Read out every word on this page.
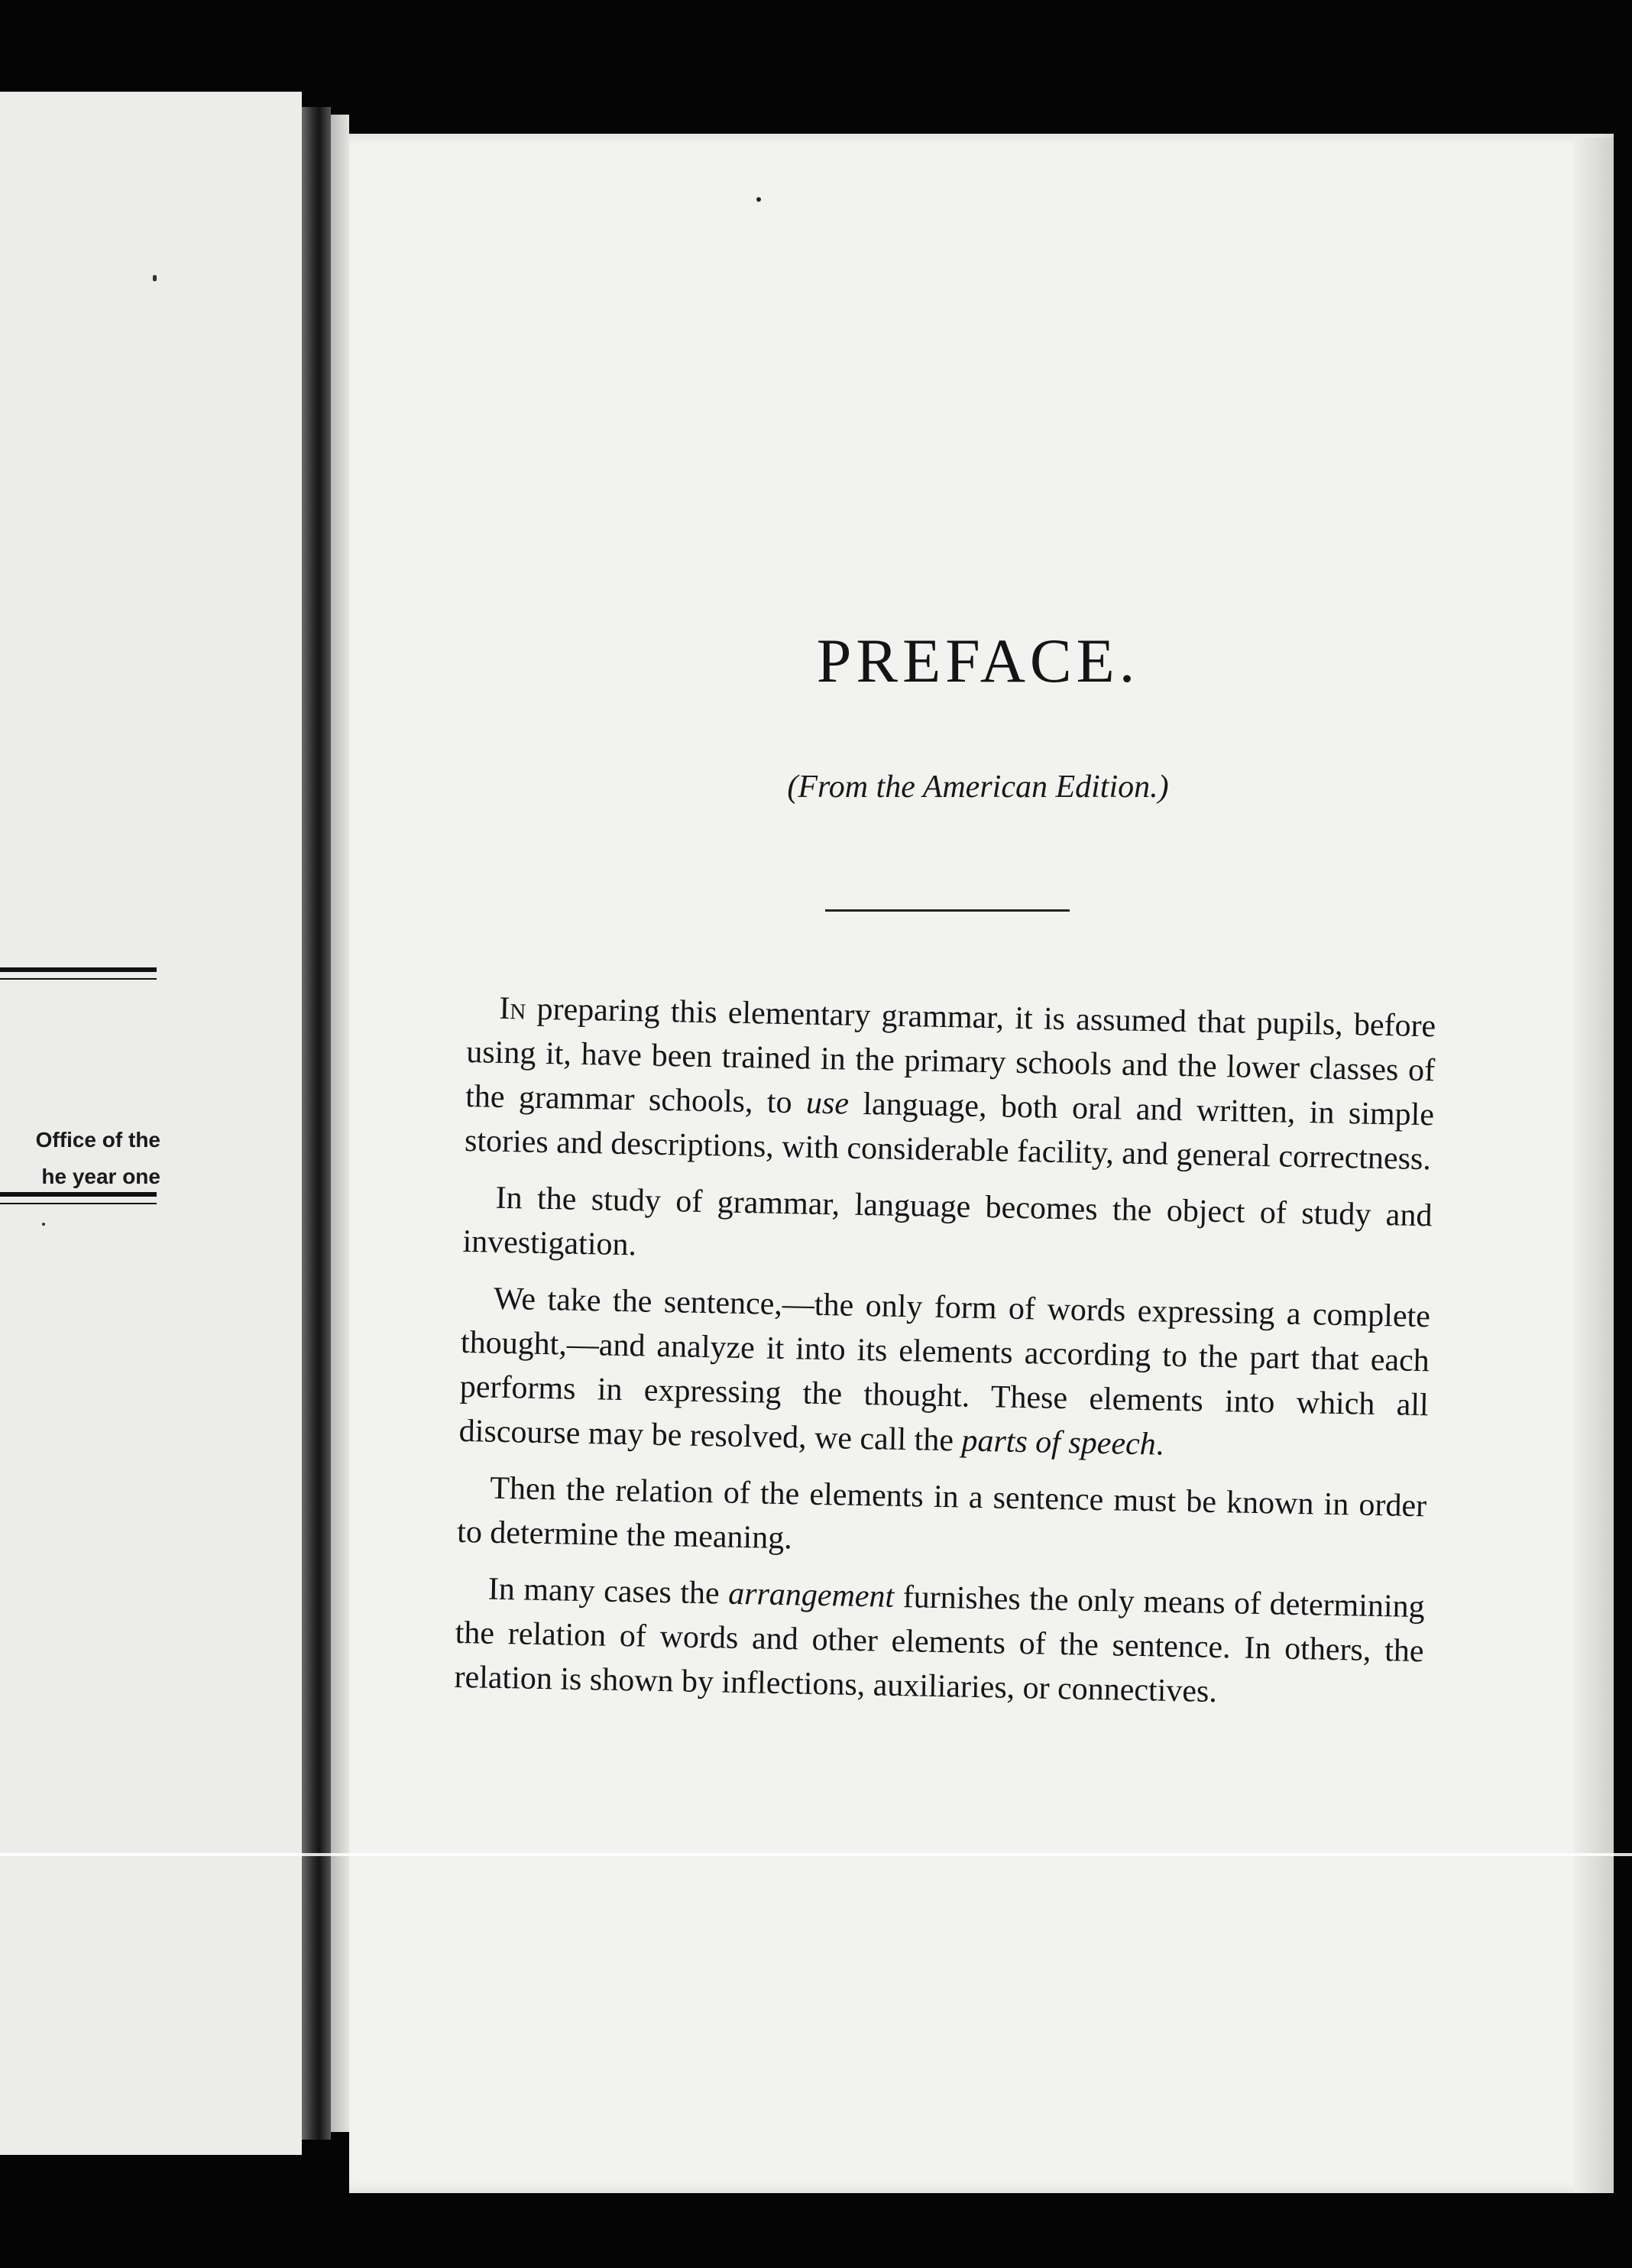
Office of the
he year one
PREFACE.
(From the American Edition.)

In preparing this elementary grammar, it is assumed that pupils, before using it, have been trained in the primary schools and the lower classes of the grammar schools, to use language, both oral and written, in simple stories and descriptions, with considerable facility, and general correctness.

In the study of grammar, language becomes the object of study and investigation.

We take the sentence,—the only form of words expressing a complete thought,—and analyze it into its elements according to the part that each performs in expressing the thought. These elements into which all discourse may be resolved, we call the parts of speech.

Then the relation of the elements in a sentence must be known in order to determine the meaning.

In many cases the arrangement furnishes the only means of determining the relation of words and other elements of the sentence. In others, the relation is shown by inflections, auxiliaries, or connectives.
